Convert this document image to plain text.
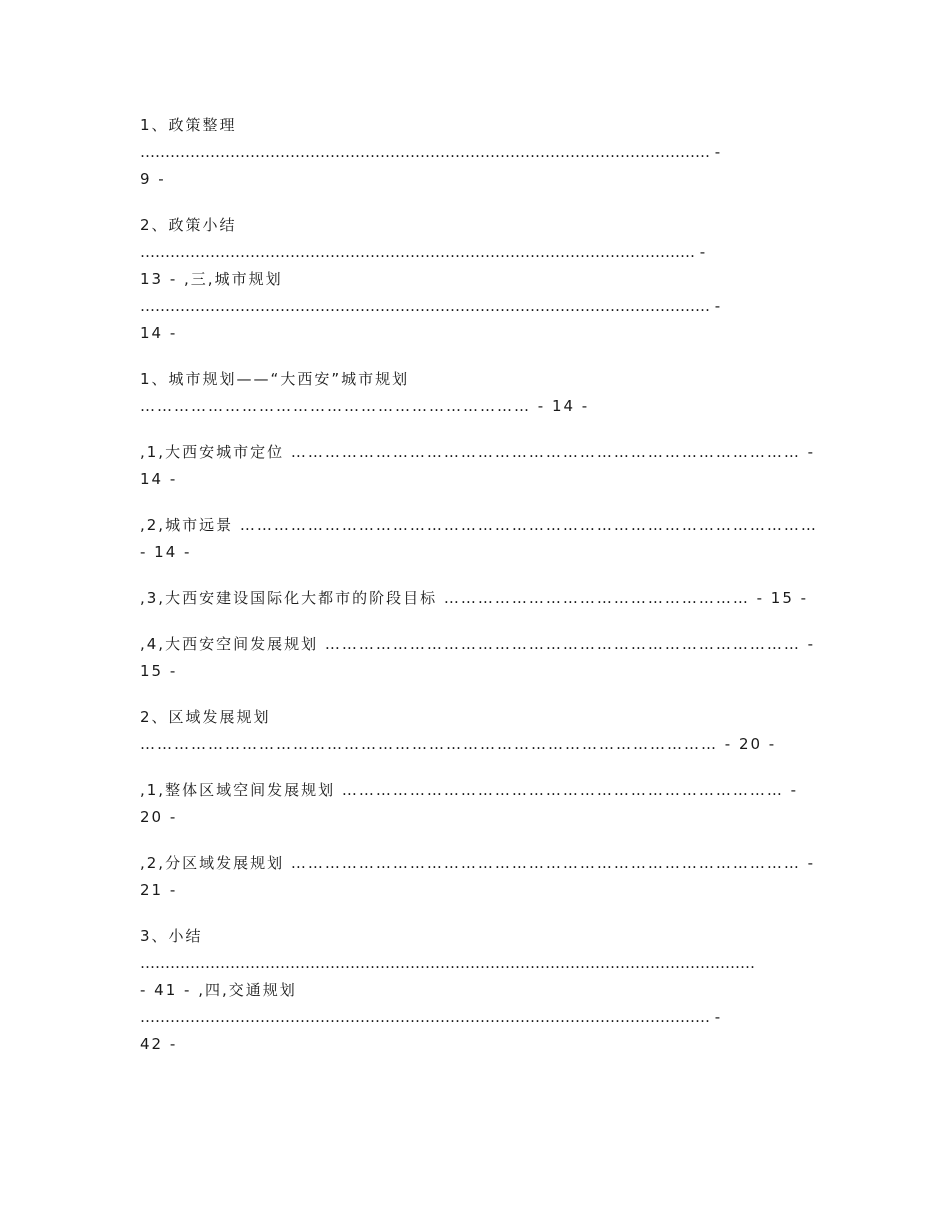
1、政策整理
…………………………………………………………………………………………………… -
9 -
2、政策小结
………………………………………………………………………………………………… -
13 - ,三,城市规划
…………………………………………………………………………………………………… -
14 -
1、城市规划——“大西安”城市规划
…………………………………………………………… - 14 -
,1,大西安城市定位 ……………………………………………………………………………… -
14 -
,2,城市远景 …………………………………………………………………………………………
- 14 -
,3,大西安建设国际化大都市的阶段目标 ……………………………………………… - 15 -
,4,大西安空间发展规划 ………………………………………………………………………… -
15 -
2、区域发展规划
………………………………………………………………………………………… - 20 -
,1,整体区域空间发展规划 …………………………………………………………………… -
20 -
,2,分区域发展规划 ……………………………………………………………………………… -
21 -
3、小结
……………………………………………………………………………………………………………
- 41 - ,四,交通规划
…………………………………………………………………………………………………… -
42 -
